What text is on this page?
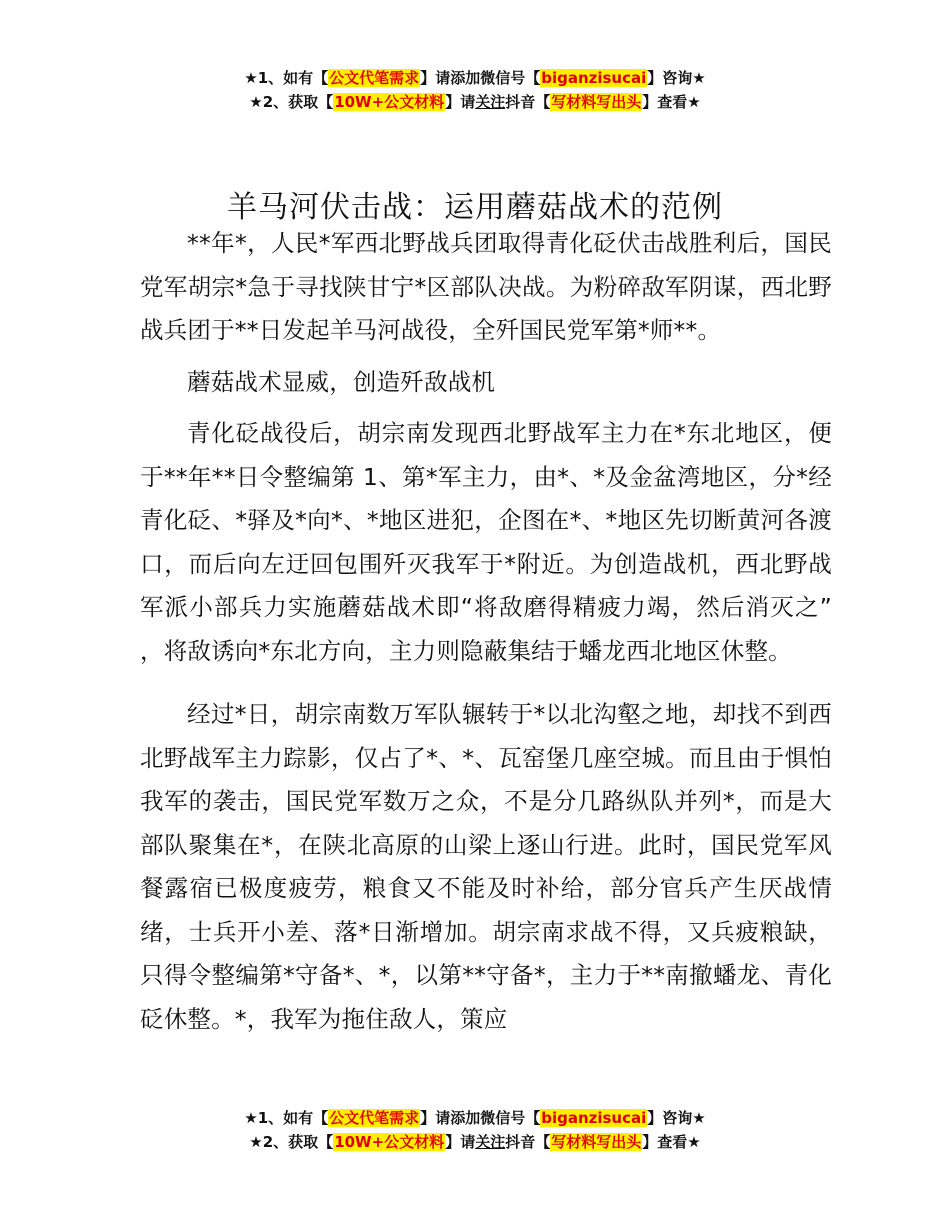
★1、如有【公文代笔需求】请添加微信号【biganzisucai】咨询★
★2、获取【10W+公文材料】请关注抖音【写材料写出头】查看★
羊马河伏击战：运用蘑菇战术的范例

**年*，人民*军西北野战兵团取得青化砭伏击战胜利后，国民党军胡宗*急于寻找陕甘宁*区部队决战。为粉碎敌军阴谋，西北野战兵团于**日发起羊马河战役，全歼国民党军第*师**。

蘑菇战术显威，创造歼敌战机

青化砭战役后，胡宗南发现西北野战军主力在*东北地区，便于**年**日令整编第 1、第*军主力，由*、*及金盆湾地区，分*经青化砭、*驿及*向*、*地区进犯，企图在*、*地区先切断黄河各渡口，而后向左迂回包围歼灭我军于*附近。为创造战机，西北野战军派小部兵力实施蘑菇战术即“将敌磨得精疲力竭，然后消灭之” ，将敌诱向*东北方向，主力则隐蔽集结于蟠龙西北地区休整。

经过*日，胡宗南数万军队辗转于*以北沟壑之地，却找不到西北野战军主力踪影，仅占了*、*、瓦窑堡几座空城。而且由于惧怕我军的袭击，国民党军数万之众，不是分几路纵队并列*，而是大部队聚集在*，在陕北高原的山梁上逐山行进。此时，国民党军风餐露宿已极度疲劳，粮食又不能及时补给，部分官兵产生厌战情绪，士兵开小差、落*日渐增加。胡宗南求战不得，又兵疲粮缺，只得令整编第*守备*、*，以第**守备*，主力于**南撤蟠龙、青化砭休整。*，我军为拖住敌人，策应

★1、如有【公文代笔需求】请添加微信号【biganzisucai】咨询★
★2、获取【10W+公文材料】请关注抖音【写材料写出头】查看★
